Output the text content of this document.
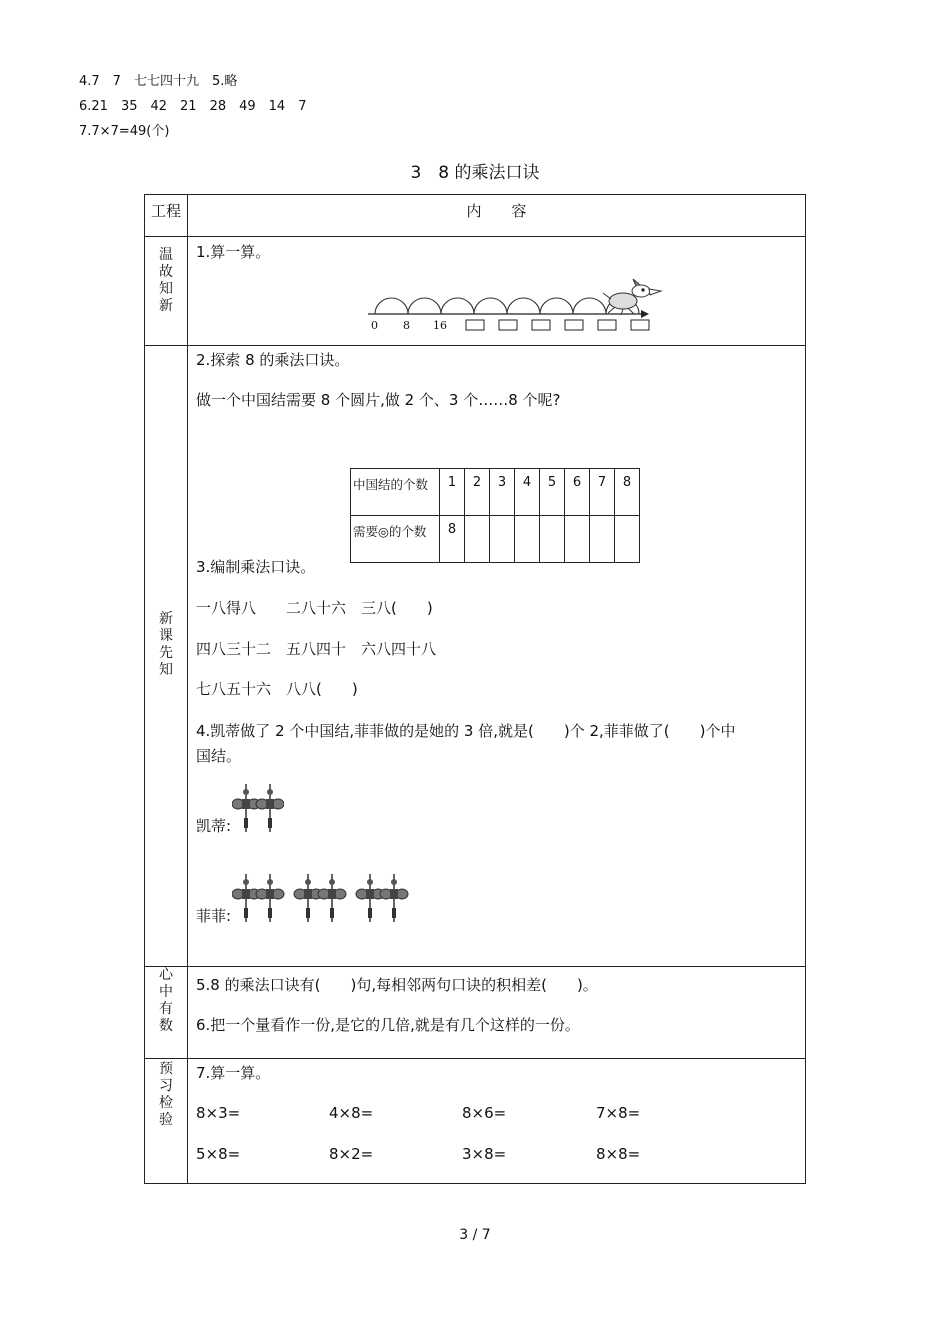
4.7　7　七七四十九　5.略
6.21　35　42　21　28　49　14　7
7.7×7=49(个)
3　8 的乘法口诀
工程	内　　容
温故知新	
1.算一算。
0 8 16

新课先知	
2.探索 8 的乘法口诀。
做一个中国结需要 8 个圆片,做 2 个、3 个……8 个呢?
中国结的个数	1	2	3	4	5	6	7	8
需要◎的个数	8							
3.编制乘法口诀。
一八得八　　二八十六　三八(　　)
四八三十二　五八四十　六八四十八
七八五十六　八八(　　)
4.凯蒂做了 2 个中国结,菲菲做的是她的 3 倍,就是(　　)个 2,菲菲做了(　　)个中
国结。
凯蒂:
菲菲:

心中有数	
5.8 的乘法口诀有(　　)句,每相邻两句口诀的积相差(　　)。
6.把一个量看作一份,是它的几倍,就是有几个这样的一份。

预习检验	
7.算一算。
8×3=	4×8=	8×6=	7×8=
5×8=	8×2=	3×8=	8×8=
3 / 7
